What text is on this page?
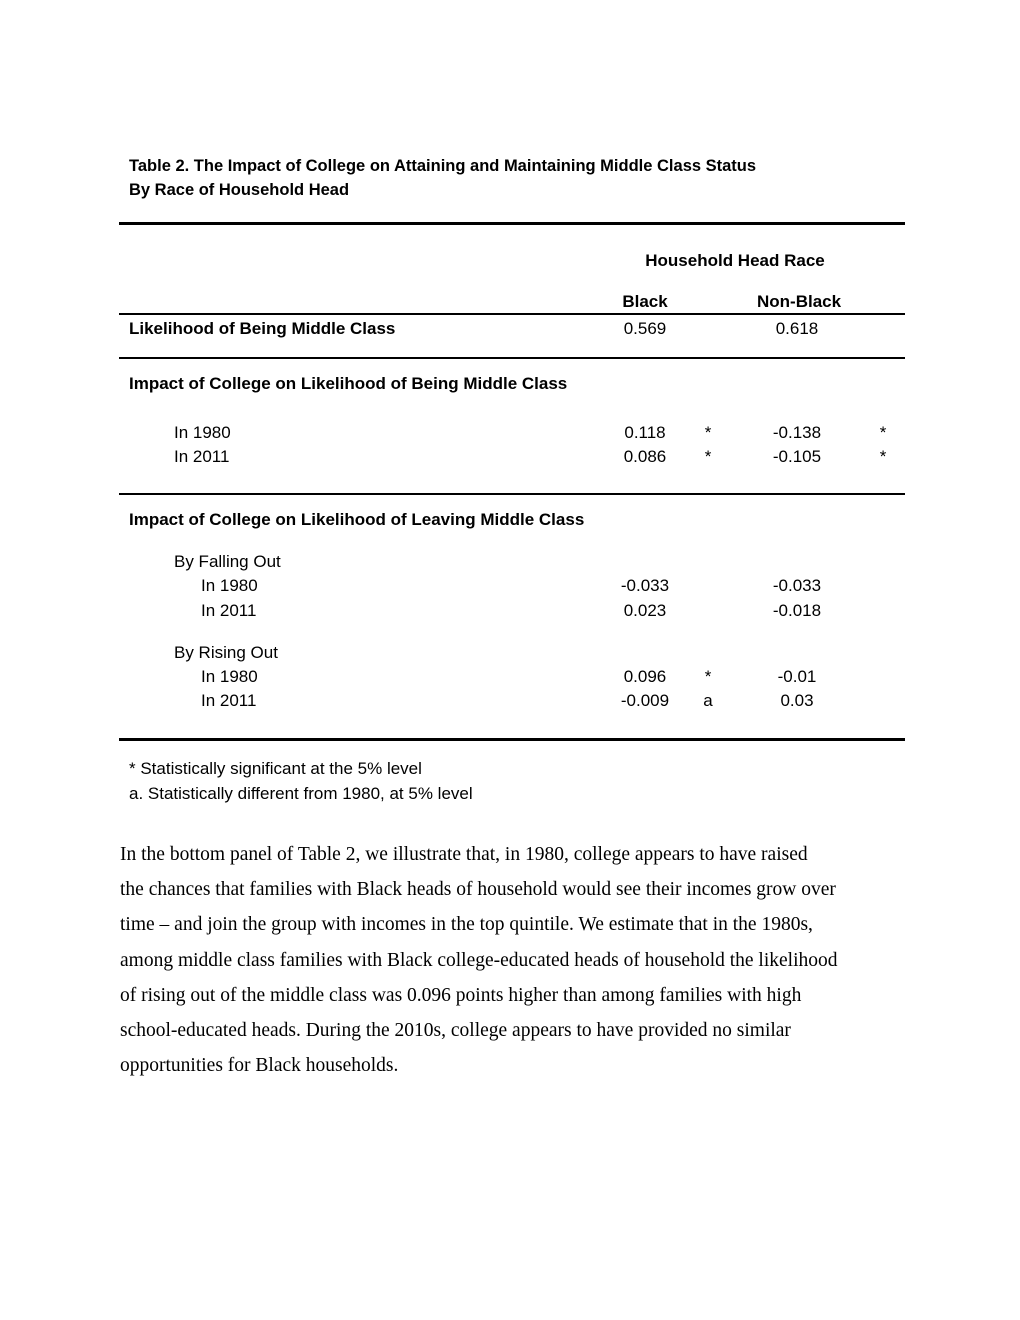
Table 2. The Impact of College on Attaining and Maintaining Middle Class Status
By Race of Household Head
Household Head Race
Black	Non-Black
Likelihood of Being Middle Class	0.569	0.618
Impact of College on Likelihood of Being Middle Class
In 1980	0.118	*	-0.138	*
In 2011	0.086	*	-0.105	*
Impact of College on Likelihood of Leaving Middle Class
By Falling Out
In 1980	-0.033	-0.033
In 2011	0.023	-0.018
By Rising Out
In 1980	0.096	*	-0.01
In 2011	-0.009	a	0.03
* Statistically significant at the 5% level
a. Statistically different from 1980, at 5% level
In the bottom panel of Table 2, we illustrate that, in 1980, college appears to have raised
the chances that families with Black heads of household would see their incomes grow over
time – and join the group with incomes in the top quintile. We estimate that in the 1980s,
among middle class families with Black college-educated heads of household the likelihood
of rising out of the middle class was 0.096 points higher than among families with high
school-educated heads. During the 2010s, college appears to have provided no similar
opportunities for Black households.
